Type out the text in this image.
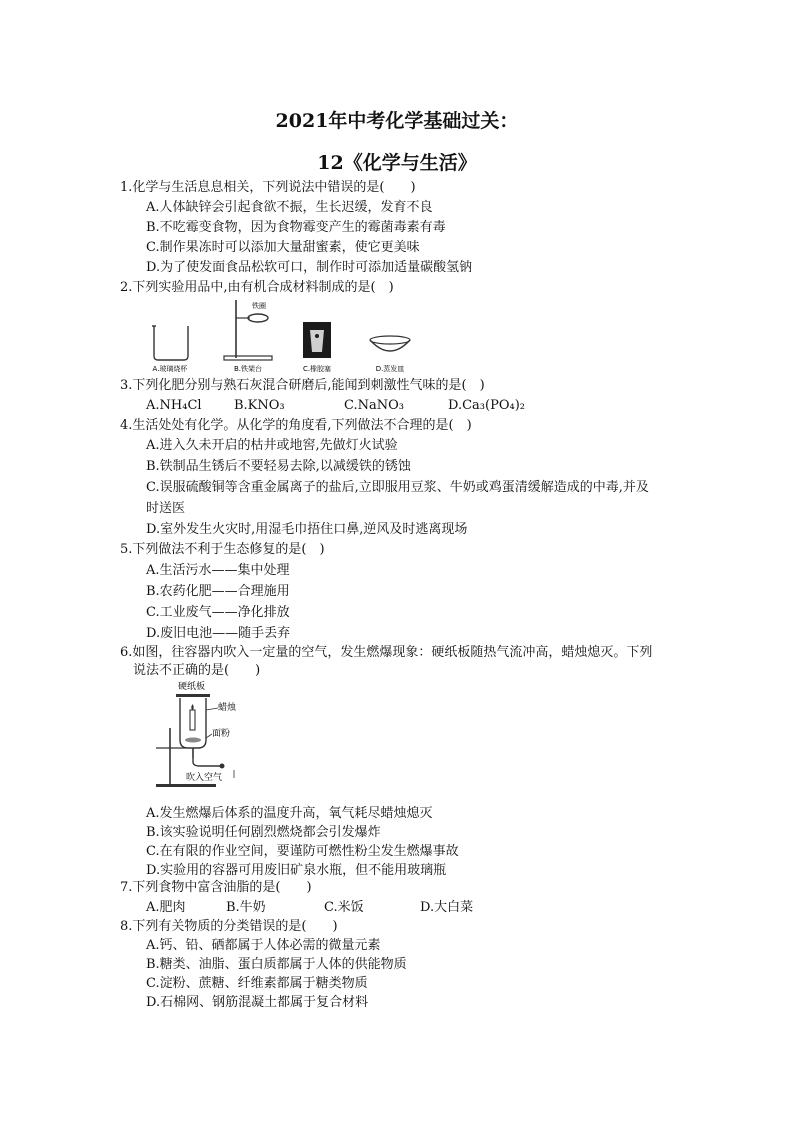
2021年中考化学基础过关：
12《化学与生活》
1.化学与生活息息相关，下列说法中错误的是(　　)
A.人体缺锌会引起食欲不振，生长迟缓，发育不良
B.不吃霉变食物，因为食物霉变产生的霉菌毒素有毒
C.制作果冻时可以添加大量甜蜜素，使它更美味
D.为了使发面食品松软可口，制作时可添加适量碳酸氢钠
2.下列实验用品中,由有机合成材料制成的是(　)
A.玻璃烧杯
铁圈
B.铁架台	C.橡胶塞	D.蒸发皿
3.下列化肥分别与熟石灰混合研磨后,能闻到刺激性气味的是(　)
A.NH₄Cl B.KNO₃	C.NaNO₃	D.Ca₃(PO₄)₂
4.生活处处有化学。从化学的角度看,下列做法不合理的是(　)
A.进入久未开启的枯井或地窖,先做灯火试验
B.铁制品生锈后不要轻易去除,以减缓铁的锈蚀
C.误服硫酸铜等含重金属离子的盐后,立即服用豆浆、牛奶或鸡蛋清缓解造成的中毒,并及
时送医
D.室外发生火灾时,用湿毛巾捂住口鼻,逆风及时逃离现场
5.下列做法不利于生态修复的是(　)
A.生活污水——集中处理
B.农药化肥——合理施用
C.工业废气——净化排放
D.废旧电池——随手丢弃
6.如图，往容器内吹入一定量的空气，发生燃爆现象：硬纸板随热气流冲高，蜡烛熄灭。下列
说法不正确的是(　　)
硬纸板
蜡烛
面粉
吹入空气
A.发生燃爆后体系的温度升高，氧气耗尽蜡烛熄灭
B.该实验说明任何剧烈燃烧都会引发爆炸
C.在有限的作业空间，要谨防可燃性粉尘发生燃爆事故
D.实验用的容器可用废旧矿泉水瓶，但不能用玻璃瓶
7.下列食物中富含油脂的是(　　)
A.肥肉	B.牛奶	C.米饭	D.大白菜
8.下列有关物质的分类错误的是(　　)
A.钙、铅、硒都属于人体必需的微量元素
B.糖类、油脂、蛋白质都属于人体的供能物质
C.淀粉、蔗糖、纤维素都属于糖类物质
D.石棉网、钢筋混凝土都属于复合材料
